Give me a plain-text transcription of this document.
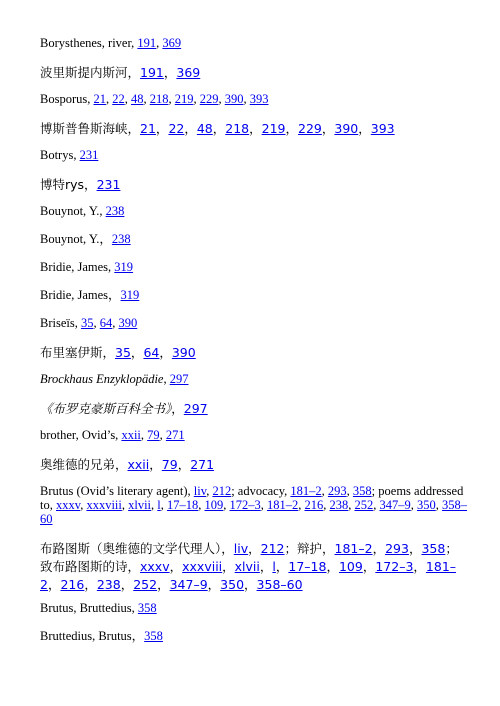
Borysthenes, river, 191, 369
波里斯提内斯河，191，369
Bosporus, 21, 22, 48, 218, 219, 229, 390, 393
博斯普鲁斯海峡，21，22，48，218，219，229，390，393
Botrys, 231
博特rys，231
Bouynot, Y., 238
Bouynot, Y.，238
Bridie, James, 319
Bridie, James，319
Briseïs, 35, 64, 390
布里塞伊斯，35，64，390
Brockhaus Enzyklopädie, 297
《布罗克豪斯百科全书》，297
brother, Ovid’s, xxii, 79, 271
奥维德的兄弟，xxii，79，271
Brutus (Ovid’s literary agent), liv, 212; advocacy, 181–2, 293, 358; poems addressed to, xxxv, xxxviii, xlvii, l, 17–18, 109, 172–3, 181–2, 216, 238, 252, 347–9, 350, 358–60
布路图斯（奥维德的文学代理人），liv，212；辩护，181–2，293，358；致布路图斯的诗，xxxv，xxxviii，xlvii，l，17–18，109，172–3，181–2，216，238，252，347–9，350，358–60
Brutus, Bruttedius, 358
Bruttedius, Brutus，358
